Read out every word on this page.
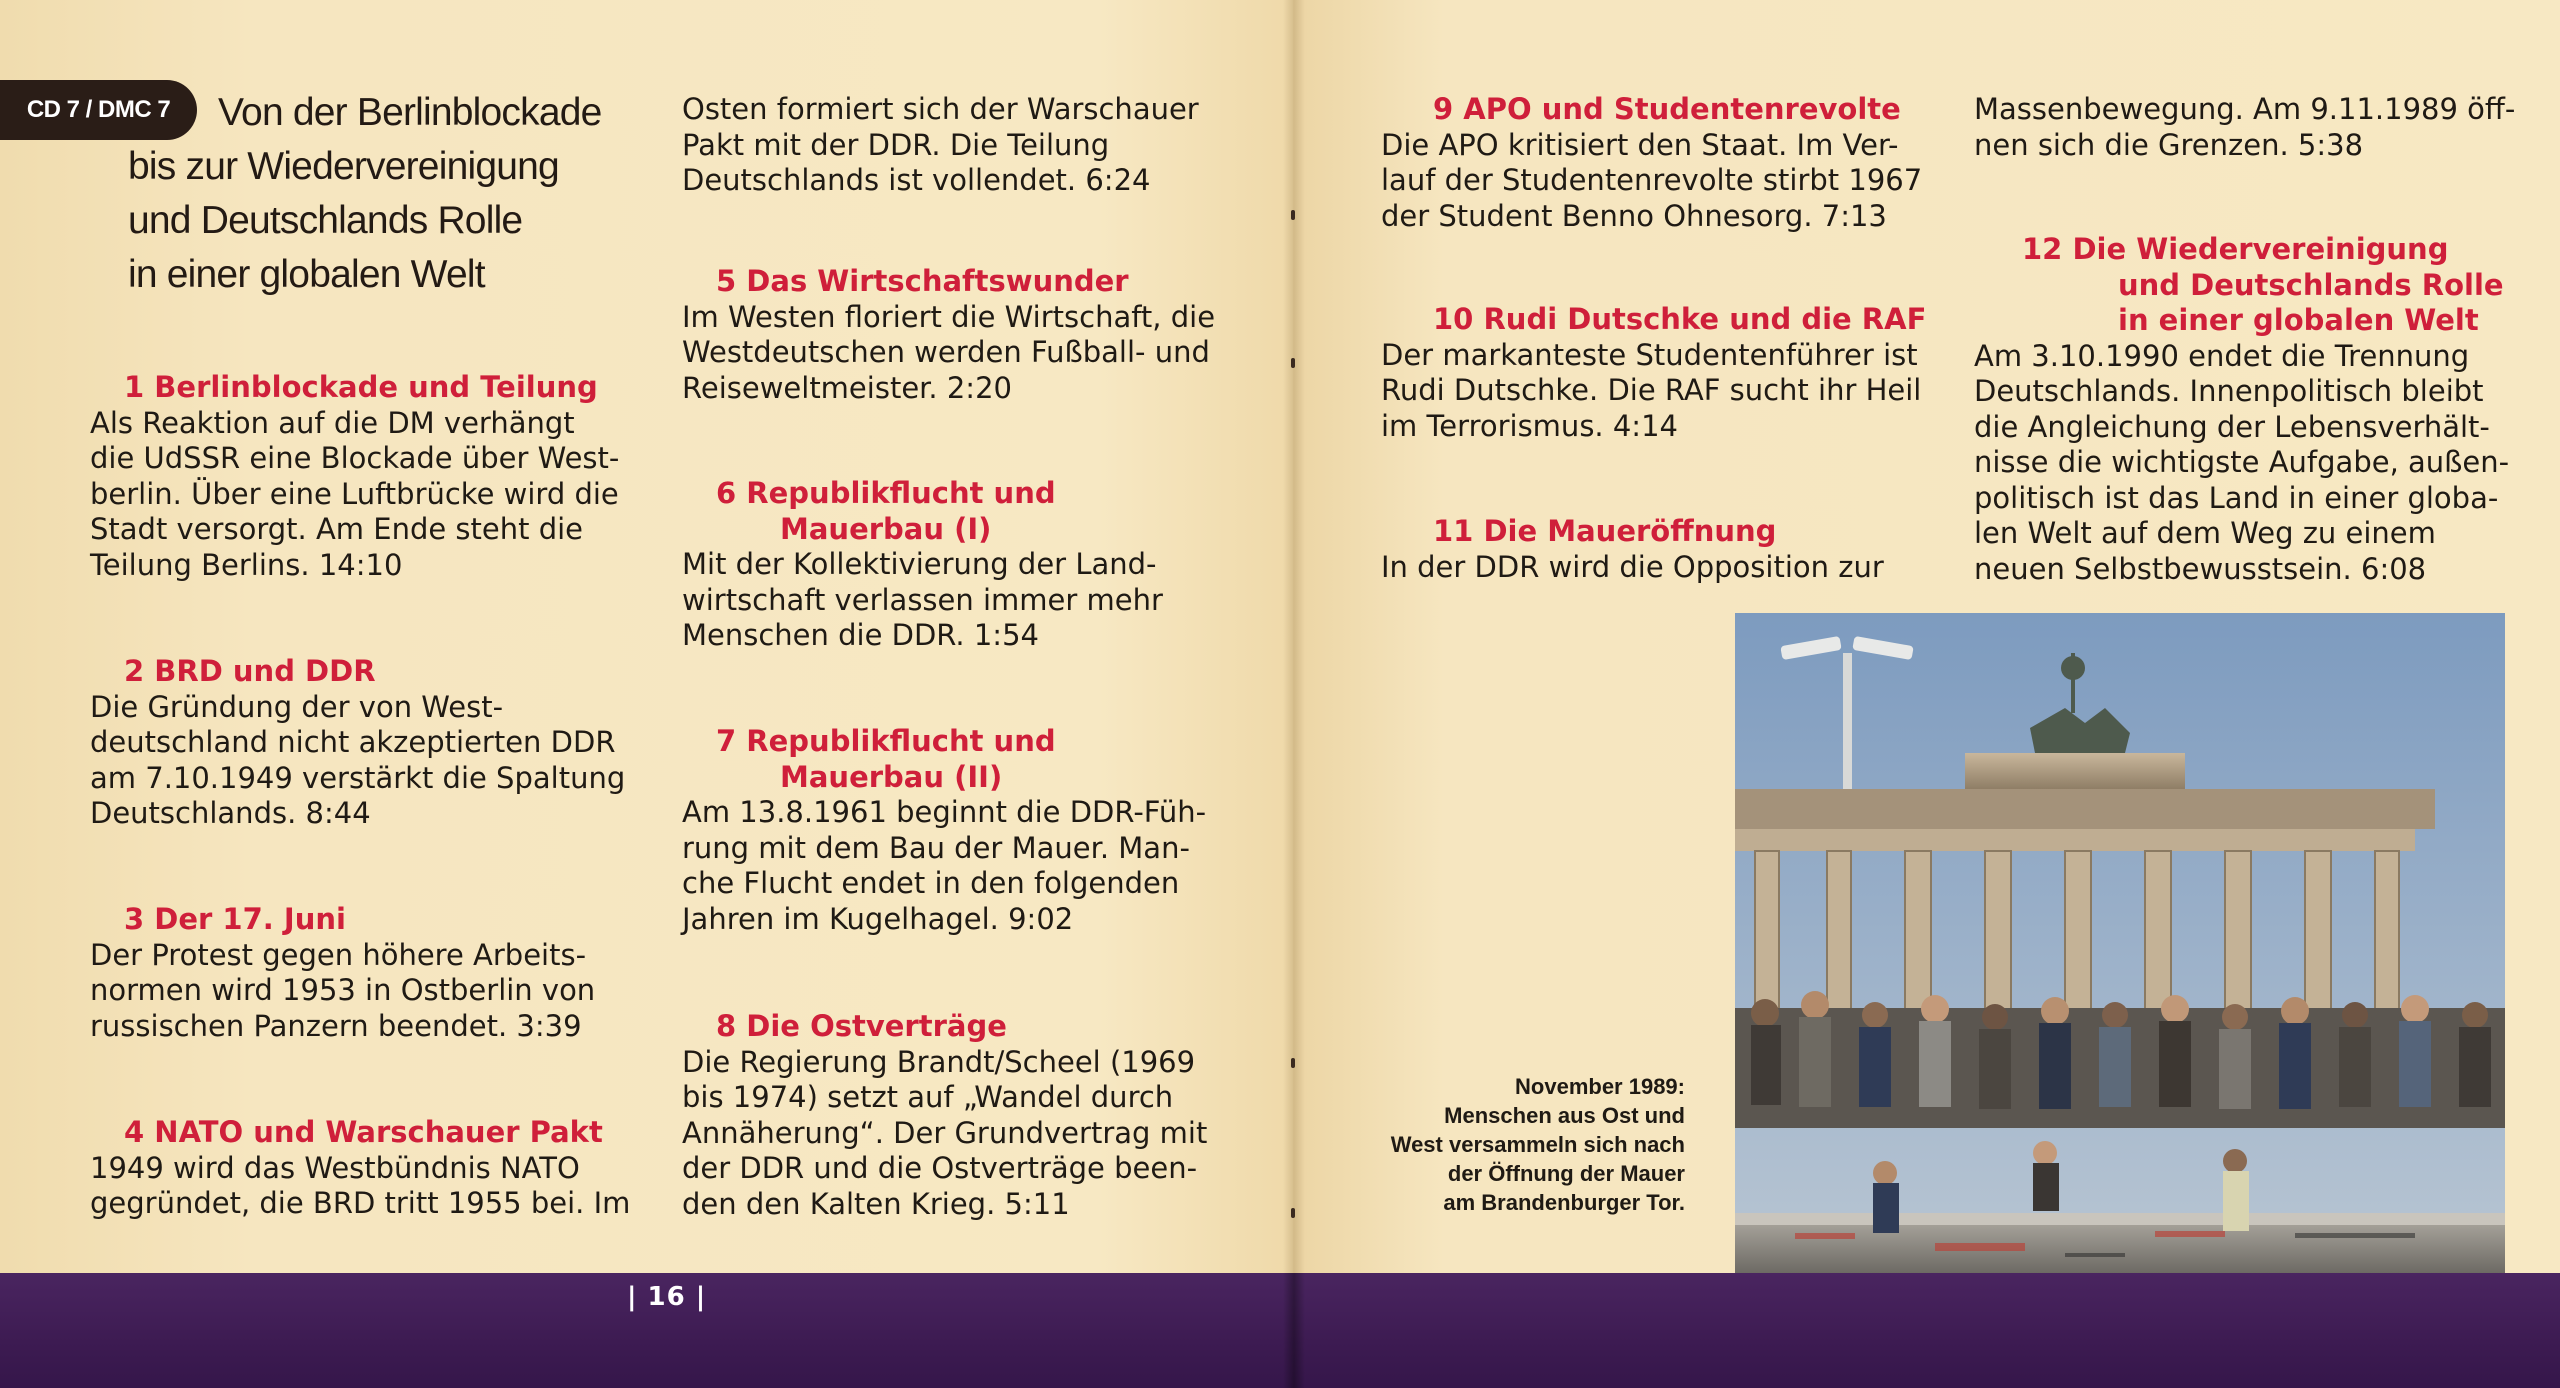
CD 7 / DMC 7	Von der Berlinblockade
bis zur Wiedervereinigung
und Deutschlands Rolle
in einer globalen Welt
1 Berlinblockade und Teilung
Als Reaktion auf die DM verhängt
die UdSSR eine Blockade über West-
berlin. Über eine Luftbrücke wird die
Stadt versorgt. Am Ende steht die
Teilung Berlins. 14:10
2 BRD und DDR
Die Gründung der von West-
deutschland nicht akzeptierten DDR
am 7.10.1949 verstärkt die Spaltung
Deutschlands. 8:44
3 Der 17. Juni
Der Protest gegen höhere Arbeits-
normen wird 1953 in Ostberlin von
russischen Panzern beendet. 3:39
4 NATO und Warschauer Pakt
1949 wird das Westbündnis NATO
gegründet, die BRD tritt 1955 bei. Im
Osten formiert sich der Warschauer
Pakt mit der DDR. Die Teilung
Deutschlands ist vollendet. 6:24
5 Das Wirtschaftswunder
Im Westen floriert die Wirtschaft, die
Westdeutschen werden Fußball- und
Reiseweltmeister. 2:20
6 Republikflucht und
Mauerbau (I)
Mit der Kollektivierung der Land-
wirtschaft verlassen immer mehr
Menschen die DDR. 1:54
7 Republikflucht und
Mauerbau (II)
Am 13.8.1961 beginnt die DDR-Füh-
rung mit dem Bau der Mauer. Man-
che Flucht endet in den folgenden
Jahren im Kugelhagel. 9:02
8 Die Ostverträge
Die Regierung Brandt/Scheel (1969
bis 1974) setzt auf „Wandel durch
Annäherung“. Der Grundvertrag mit
der DDR und die Ostverträge been-
den den Kalten Krieg. 5:11
9 APO und Studentenrevolte
Die APO kritisiert den Staat. Im Ver-
lauf der Studentenrevolte stirbt 1967
der Student Benno Ohnesorg. 7:13
10 Rudi Dutschke und die RAF
Der markanteste Studentenführer ist
Rudi Dutschke. Die RAF sucht ihr Heil
im Terrorismus. 4:14
11 Die Maueröffnung
In der DDR wird die Opposition zur
Massenbewegung. Am 9.11.1989 öff-
nen sich die Grenzen. 5:38
12 Die Wiedervereinigung
und Deutschlands Rolle
in einer globalen Welt
Am 3.10.1990 endet die Trennung
Deutschlands. Innenpolitisch bleibt
die Angleichung der Lebensverhält-
nisse die wichtigste Aufgabe, außen-
politisch ist das Land in einer globa-
len Welt auf dem Weg zu einem
neuen Selbstbewusstsein. 6:08
November 1989:
Menschen aus Ost und
West versammeln sich nach
der Öffnung der Mauer
am Brandenburger Tor.
| 16 |
